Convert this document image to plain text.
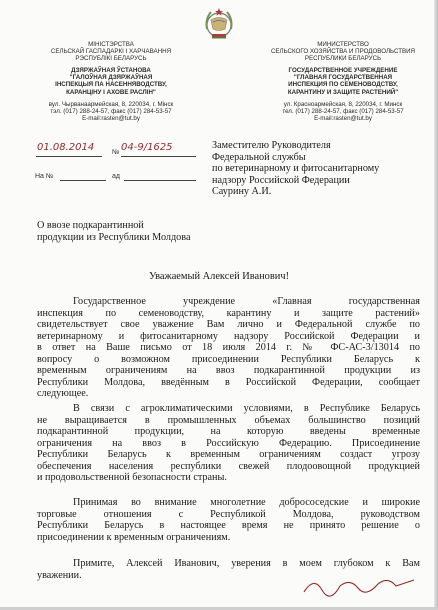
МІНІСТЭРСТВА
СЕЛЬСКАЙ ГАСПАДАРКІ І ХАРЧАВАННЯ
РЭСПУБЛІКІ БЕЛАРУСЬ
ДЗЯРЖАЎНАЯ ЎСТАНОВА
"ГАЛОЎНАЯ ДЗЯРЖАЎНАЯ
ІНСПЕКЦЫЯ ПА НАСЕННЯВОДСТВУ,
КАРАНЦІНУ І АХОВЕ РАСЛІН"
вул. Чырванаармейская, 8, 220034, г. Мінск
тэл. (017) 288-24-57, факс (017) 284-53-57
E-mail:rasten@tut.by
МИНИСТЕРСТВО
СЕЛЬСКОГО ХОЗЯЙСТВА И ПРОДОВОЛЬСТВИЯ
РЕСПУБЛИКИ БЕЛАРУСЬ
ГОСУДАРСТВЕННОЕ УЧРЕЖДЕНИЕ
"ГЛАВНАЯ ГОСУДАРСТВЕННАЯ
ИНСПЕКЦИЯ ПО СЕМЕНОВОДСТВУ,
КАРАНТИНУ И ЗАЩИТЕ РАСТЕНИЙ"
ул. Красноармейская, 8, 220034, г. Минск
тел. (017) 288-24-57, факс (017) 284-53-57
E-mail:rasten@tut.by
01.08.2014	№ 04-9/1625
На №	ад
Заместителю Руководителя
Федеральной службы
по ветеринарному и фитосанитарному
надзору Российской Федерации
Саурину А.И.
О ввозе подкарантинной
продукции из Республики Молдова
Уважаемый Алексей Иванович!
Государственное	учреждение	«Главная	государственная
инспекция по семеноводству, карантину и защите растений»
свидетельствует свое уважение Вам лично и Федеральной службе по
ветеринарному и фитосанитарному надзору Российской Федерации и
в ответ на Ваше письмо от 18 июля 2014 г. № ФС-АС-3/13014 по
вопросу о возможном присоединении Республики Беларусь к
временным ограничениям на ввоз подкарантинной продукции из
Республики Молдова, введённым в Российской Федерации, сообщает
следующее.
В связи с агроклиматическими условиями, в Республике Беларусь
не выращивается в промышленных объемах большинство позиций
подкарантинной	продукции,	на	которую	введены	временные
ограничения на ввоз в Российскую Федерацию. Присоединение
Республики Беларусь к временным ограничениям создаст угрозу
обеспечения населения республики свежей плодоовощной продукцией
и продовольственной безопасности страны.
Принимая во внимание многолетние добрососедские и широкие
торговые	отношения	с	Республикой	Молдова,	руководством
Республики Беларусь в настоящее время не принято решение о
присоединении к временным ограничениям.
Примите, Алексей Иванович, уверения в моем глубоком к Вам
уважении.
